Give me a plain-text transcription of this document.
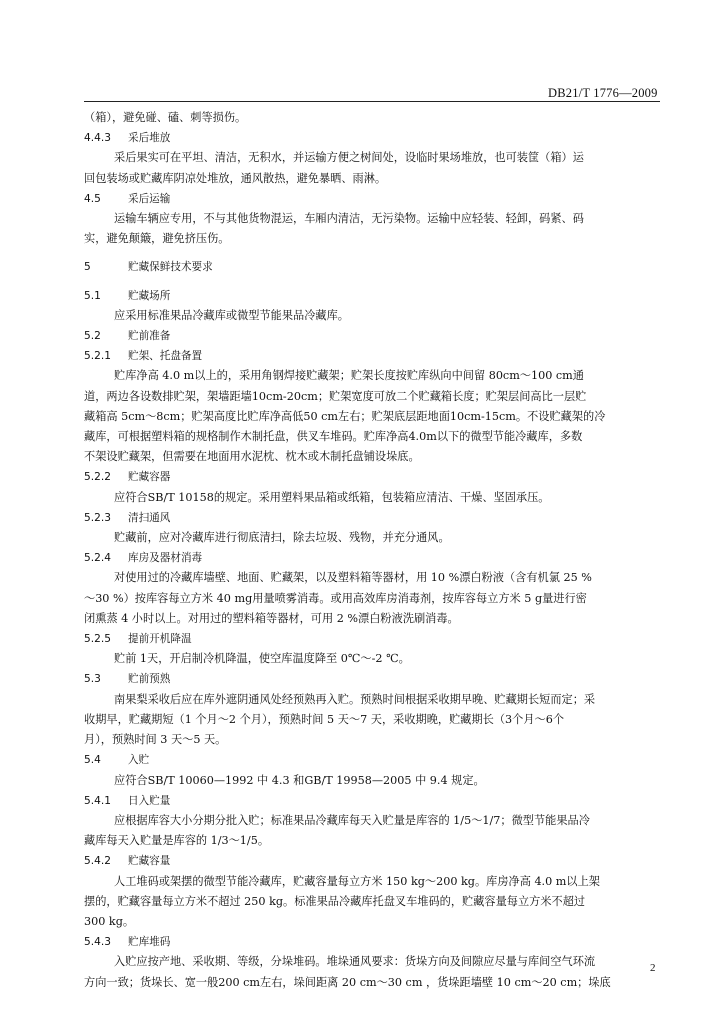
DB21/T 1776—2009
（箱），避免碰、磕、刺等损伤。
4.4.3 采后堆放
采后果实可在平坦、清洁，无积水，并运输方便之树间处，设临时果场堆放，也可装筐（箱）运
回包装场或贮藏库阴凉处堆放，通风散热，避免暴晒、雨淋。
4.5	采后运输
运输车辆应专用，不与其他货物混运，车厢内清洁，无污染物。运输中应轻装、轻卸，码紧、码
实，避免颠簸，避免挤压伤。
5	贮藏保鲜技术要求
5.1	贮藏场所
应采用标准果品冷藏库或微型节能果品冷藏库。
5.2	贮前准备
5.2.1 贮架、托盘备置
贮库净高 4.0 m以上的，采用角钢焊接贮藏架；贮架长度按贮库纵向中间留 80cm～100 cm通
道，两边各设数排贮架，架墙距墙10cm-20cm；贮架宽度可放二个贮藏箱长度；贮架层间高比一层贮
藏箱高 5cm～8cm；贮架高度比贮库净高低50 cm左右；贮架底层距地面10cm-15cm。不设贮藏架的冷
藏库，可根据塑料箱的规格制作木制托盘，供叉车堆码。贮库净高4.0m以下的微型节能冷藏库，多数
不架设贮藏架，但需要在地面用水泥枕、枕木或木制托盘铺设垛底。
5.2.2 贮藏容器
应符合SB/T 10158的规定。采用塑料果品箱或纸箱，包装箱应清洁、干燥、坚固承压。
5.2.3 清扫通风
贮藏前，应对冷藏库进行彻底清扫，除去垃圾、残物，并充分通风。
5.2.4 库房及器材消毒
对使用过的冷藏库墙壁、地面、贮藏架，以及塑料箱等器材，用 10 %漂白粉液（含有机氯 25 %
～30 %）按库容每立方米 40 mg用量喷雾消毒。或用高效库房消毒剂，按库容每立方米 5 g量进行密
闭熏蒸 4 小时以上。对用过的塑料箱等器材，可用 2 %漂白粉液洗刷消毒。
5.2.5 提前开机降温
贮前 1天，开启制冷机降温，使空库温度降至 0℃～-2 ℃。
5.3	贮前预熟
南果梨采收后应在库外遮阴通风处经预熟再入贮。预熟时间根据采收期早晚、贮藏期长短而定；采
收期早，贮藏期短（1 个月～2 个月），预熟时间 5 天～7 天，采收期晚，贮藏期长（3个月～6个
月），预熟时间 3 天～5 天。
5.4	入贮
应符合SB/T 10060—1992 中 4.3 和GB/T 19958—2005 中 9.4 规定。
5.4.1 日入贮量
应根据库容大小分期分批入贮；标准果品冷藏库每天入贮量是库容的 1/5～1/7；微型节能果品冷
藏库每天入贮量是库容的 1/3～1/5。
5.4.2 贮藏容量
人工堆码或架摆的微型节能冷藏库，贮藏容量每立方米 150 kg～200 kg。库房净高 4.0 m以上架
摆的，贮藏容量每立方米不超过 250 kg。标准果品冷藏库托盘叉车堆码的，贮藏容量每立方米不超过
300 kg。
5.4.3 贮库堆码
入贮应按产地、采收期、等级，分垛堆码。堆垛通风要求：货垛方向及间隙应尽量与库间空气环流
方向一致；货垛长、宽一般200 cm左右，垛间距离 20 cm～30 cm ，货垛距墙壁 10 cm～20 cm；垛底
2
